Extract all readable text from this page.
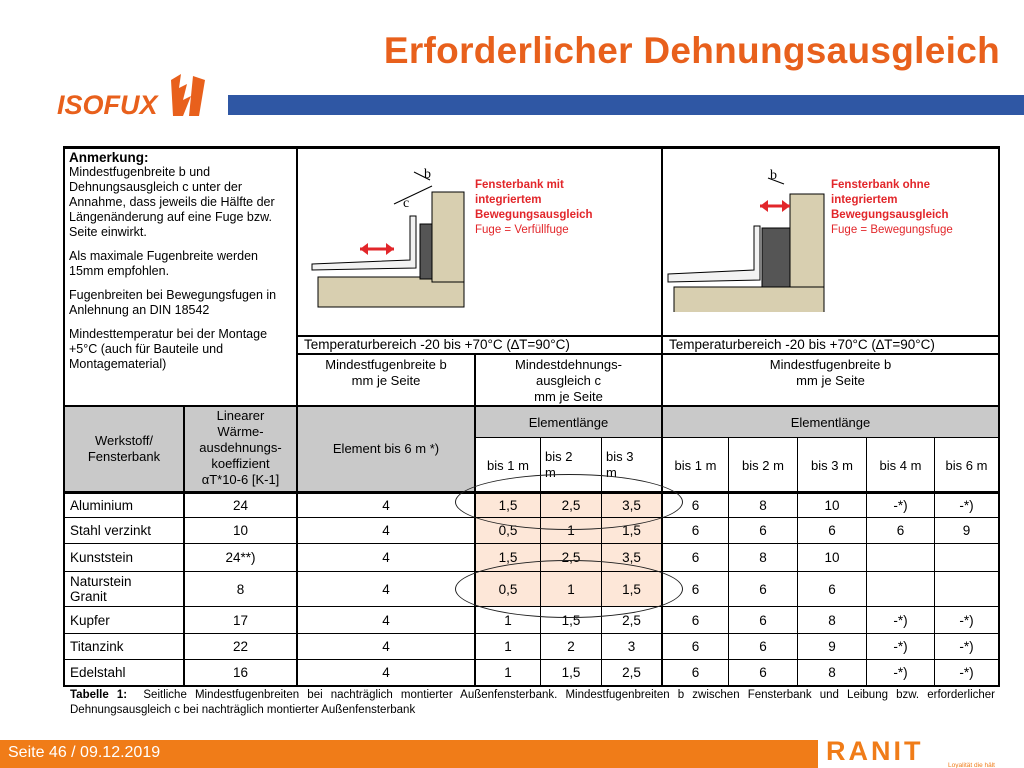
Erforderlicher Dehnungsausgleich
ISOFUX

Anmerkung:

Mindestfugenbreite b und Dehnungsausgleich c unter der Annahme, dass jeweils die Hälfte der Längenänderung auf eine Fuge bzw. Seite einwirkt.

Als maximale Fugenbreite werden 15mm empfohlen.

Fugenbreiten bei Bewegungsfugen in Anlehnung an DIN 18542

Mindesttemperatur bei der Montage +5°C (auch für Bauteile und Montagematerial)

b
c
Fensterbank mit
integriertem
Bewegungsausgleich
Fuge = Verfüllfuge
b
Fensterbank ohne
integriertem
Bewegungsausgleich
Fuge = Bewegungsfuge
Temperaturbereich -20 bis +70°C (∆T=90°C)	Temperaturbereich -20 bis +70°C (∆T=90°C)
Mindestfugenbreite b
mm je Seite
Mindestdehnungs-
ausgleich c
mm je Seite
Mindestfugenbreite b
mm je Seite
Werkstoff/
Fensterbank
Linearer
Wärme-
ausdehnungs-
koeffizient
αT*10-6 [K-1]
Element bis 6 m *)
Elementlänge	Elementlänge
bis 1 m
bis 2
m
bis 3
m	bis 1 m	bis 2 m	bis 3 m	bis 4 m	bis 6 m
Aluminium	24	4	1,5	2,5	3,5	6	8	10	-*)	-*)
Stahl verzinkt	10	4	0,5	1	1,5	6	6	6	6	9
Kunststein	24**)	4	1,5	2,5	3,5	6	8	10
Naturstein
Granit	8	4	0,5	1	1,5	6	6	6
Kupfer	17	4	1	1,5	2,5	6	6	8	-*)	-*)
Titanzink	22	4	1	2	3	6	6	9	-*)	-*)
Edelstahl	16	4	1	1,5	2,5	6	6	8	-*)	-*)
Tabelle 1: Seitliche Mindestfugenbreiten bei nachträglich montierter Außenfensterbank. Mindestfugenbreiten b zwischen Fensterbank und Leibung bzw. erforderlicher Dehnungsausgleich c bei nachträglich montierter Außenfensterbank
Seite 46 / 09.12.2019	RANIT	Loyalität die hält
